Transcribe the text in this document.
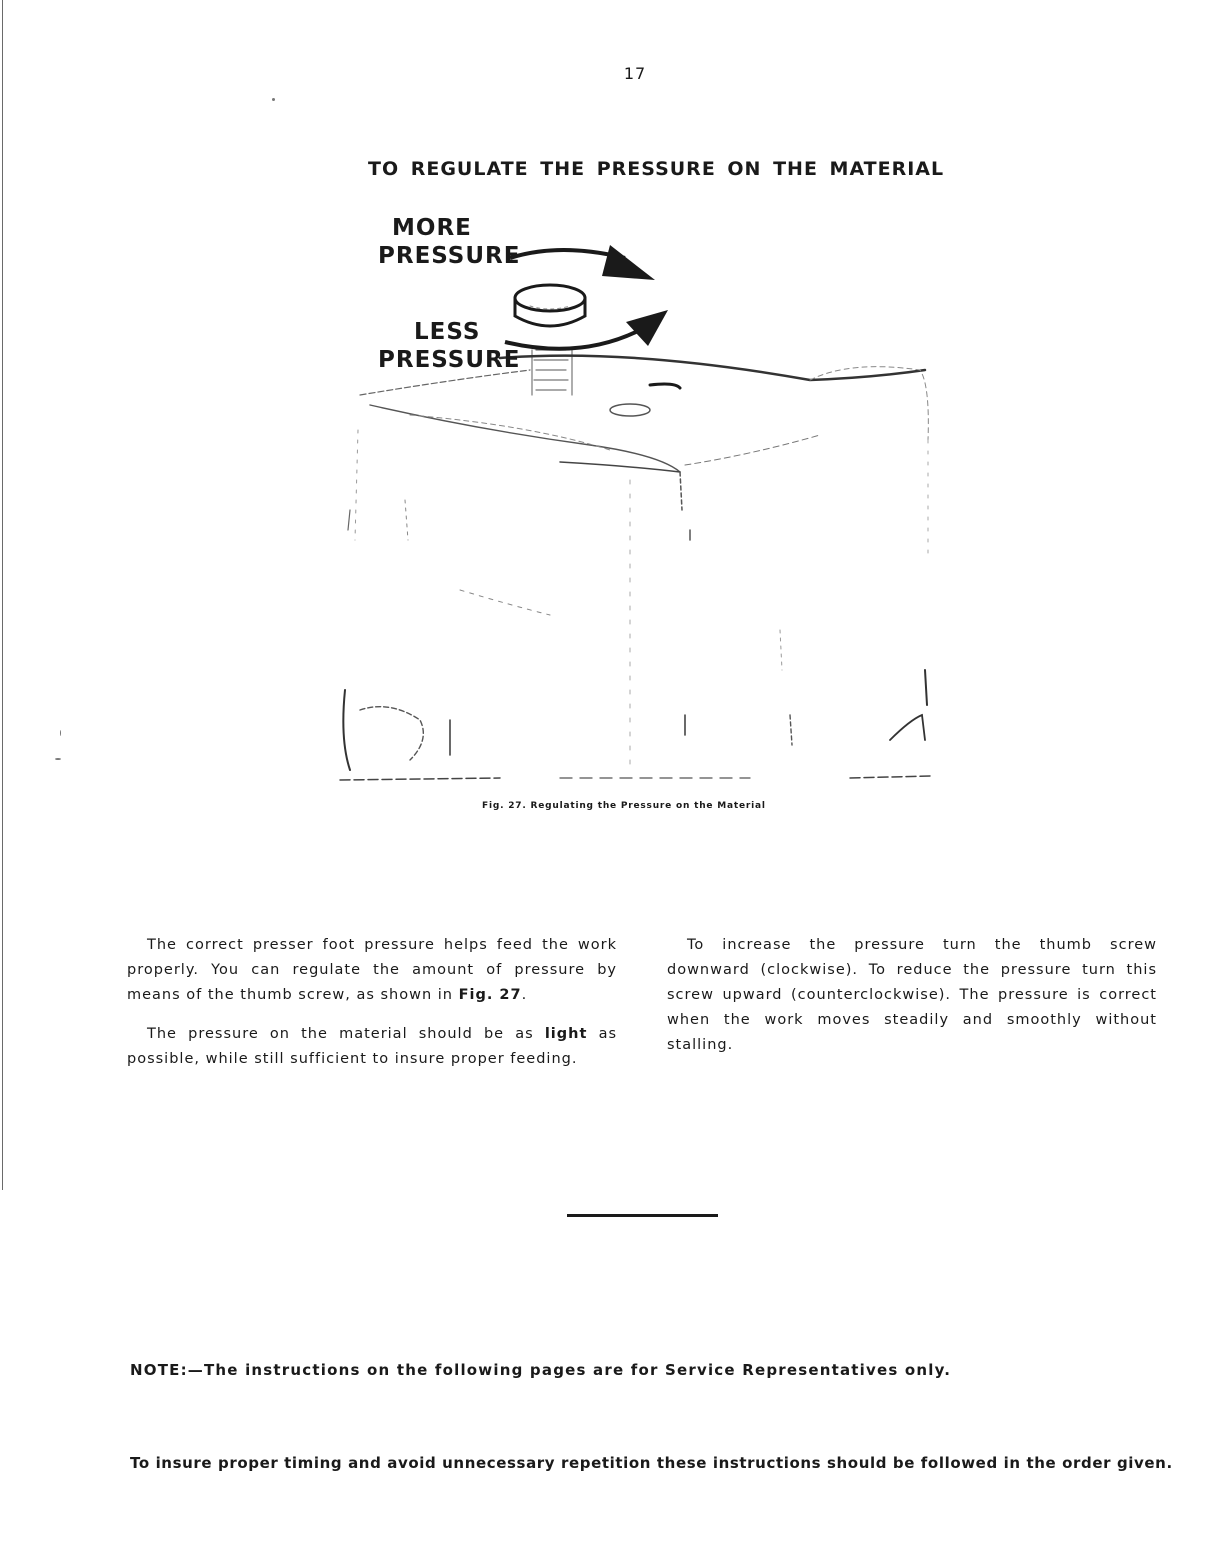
17
TO REGULATE THE PRESSURE ON THE MATERIAL
MORE
PRESSURE
LESS
PRESSURE
Fig. 27. Regulating the Pressure on the Material

The correct presser foot pressure helps feed the work properly. You can regulate the amount of pressure by means of the thumb screw, as shown in Fig. 27.

The pressure on the material should be as light as possible, while still sufficient to insure proper feeding.

To increase the pressure turn the thumb screw downward (clockwise). To reduce the pressure turn this screw upward (counterclockwise). The pressure is correct when the work moves steadily and smoothly without stalling.

NOTE:—The instructions on the following pages are for Service Representatives only.
To insure proper timing and avoid unnecessary repetition these instructions should be followed in the order given.
